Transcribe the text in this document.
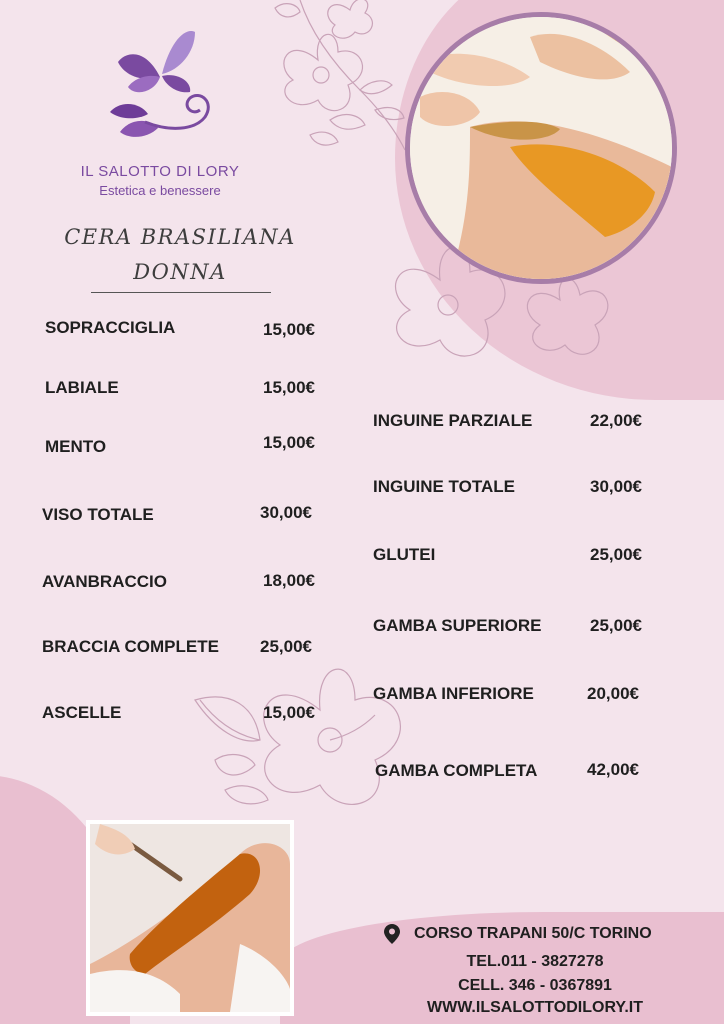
IL SALOTTO DI LORY
Estetica e benessere
CERA BRASILIANA
DONNA
SOPRACCIGLIA	15,00€
LABIALE	15,00€
MENTO	15,00€
VISO TOTALE	30,00€
AVANBRACCIO	18,00€
BRACCIA COMPLETE 25,00€
ASCELLE	15,00€
INGUINE PARZIALE	22,00€
INGUINE TOTALE	30,00€
GLUTEI	25,00€
GAMBA SUPERIORE	25,00€
GAMBA INFERIORE	20,00€
GAMBA COMPLETA	42,00€
CORSO TRAPANI 50/C TORINO
TEL.011 - 3827278
CELL. 346 - 0367891
WWW.ILSALOTTODILORY.IT
